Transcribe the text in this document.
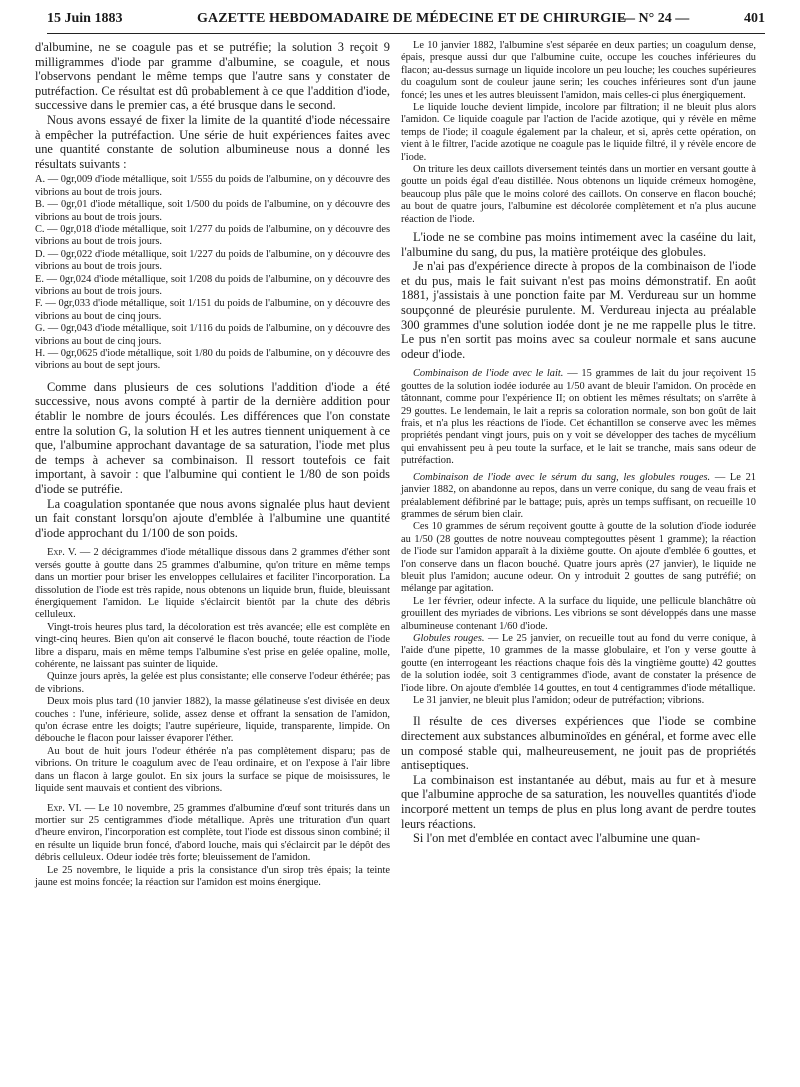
15 Juin 1883	GAZETTE HEBDOMADAIRE DE MÉDECINE ET DE CHIRURGIE
— N° 24 —	401

d'albumine, ne se coagule pas et se putréfie; la solution 3 reçoit 9 milligrammes d'iode par gramme d'albumine, se coagule, et nous l'observons pendant le même temps que l'autre sans y constater de putréfaction. Ce résultat est dû probablement à ce que l'addition d'iode, successive dans le premier cas, a été brusque dans le second.

Nous avons essayé de fixer la limite de la quantité d'iode nécessaire à empêcher la putréfaction. Une série de huit expériences faites avec une quantité constante de solution albumineuse nous a donné les résultats suivants :

A. — 0gr,009 d'iode métallique, soit 1/555 du poids de l'albumine, on y découvre des vibrions au bout de trois jours.

B. — 0gr,01 d'iode métallique, soit 1/500 du poids de l'albumine, on y découvre des vibrions au bout de trois jours.

C. — 0gr,018 d'iode métallique, soit 1/277 du poids de l'albumine, on y découvre des vibrions au bout de trois jours.

D. — 0gr,022 d'iode métallique, soit 1/227 du poids de l'albumine, on y découvre des vibrions au bout de trois jours.

E. — 0gr,024 d'iode métallique, soit 1/208 du poids de l'albumine, on y découvre des vibrions au bout de trois jours.

F. — 0gr,033 d'iode métallique, soit 1/151 du poids de l'albumine, on y découvre des vibrions au bout de cinq jours.

G. — 0gr,043 d'iode métallique, soit 1/116 du poids de l'albumine, on y découvre des vibrions au bout de cinq jours.

H. — 0gr,0625 d'iode métallique, soit 1/80 du poids de l'albumine, on y découvre des vibrions au bout de sept jours.

Comme dans plusieurs de ces solutions l'addition d'iode a été successive, nous avons compté à partir de la dernière addition pour établir le nombre de jours écoulés. Les différences que l'on constate entre la solution G, la solution H et les autres tiennent uniquement à ce que, l'albumine approchant davantage de sa saturation, l'iode met plus de temps à achever sa combinaison. Il ressort toutefois ce fait important, à savoir : que l'albumine qui contient le 1/80 de son poids d'iode se putréfie.

La coagulation spontanée que nous avons signalée plus haut devient un fait constant lorsqu'on ajoute d'emblée à l'albumine une quantité d'iode approchant du 1/100 de son poids.

Exp. V. — 2 décigrammes d'iode métallique dissous dans 2 grammes d'éther sont versés goutte à goutte dans 25 grammes d'albumine, qu'on triture en même temps dans un mortier pour briser les enveloppes cellulaires et faciliter l'incorporation. La dissolution de l'iode est très rapide, nous obtenons un liquide brun, fluide, bleuissant énergiquement l'amidon. Le liquide s'éclaircit bientôt par la chute des débris celluleux.

Vingt-trois heures plus tard, la décoloration est très avancée; elle est complète en vingt-cinq heures. Bien qu'on ait conservé le flacon bouché, toute réaction de l'iode libre a disparu, mais en même temps l'albumine s'est prise en gelée opaline, molle, cohérente, ne laissant pas suinter de liquide.

Quinze jours après, la gelée est plus consistante; elle conserve l'odeur éthérée; pas de vibrions.

Deux mois plus tard (10 janvier 1882), la masse gélatineuse s'est divisée en deux couches : l'une, inférieure, solide, assez dense et offrant la sensation de l'amidon, qu'on écrase entre les doigts; l'autre supérieure, liquide, transparente, limpide. On débouche le flacon pour laisser évaporer l'éther.

Au bout de huit jours l'odeur éthérée n'a pas complètement disparu; pas de vibrions. On triture le coagulum avec de l'eau ordinaire, et on l'expose à l'air libre dans un flacon à large goulot. En six jours la surface se pique de moisissures, le liquide sent mauvais et contient des vibrions.

Exp. VI. — Le 10 novembre, 25 grammes d'albumine d'œuf sont triturés dans un mortier sur 25 centigrammes d'iode métallique. Après une trituration d'un quart d'heure environ, l'incorporation est complète, tout l'iode est dissous sinon combiné; il en résulte un liquide brun foncé, d'abord louche, mais qui s'éclaircit par le dépôt des débris celluleux. Odeur iodée très forte; bleuissement de l'amidon.

Le 25 novembre, le liquide a pris la consistance d'un sirop très épais; la teinte jaune est moins foncée; la réaction sur l'amidon est moins énergique.

Le 10 janvier 1882, l'albumine s'est séparée en deux parties; un coagulum dense, épais, presque aussi dur que l'albumine cuite, occupe les couches inférieures du flacon; au-dessus surnage un liquide incolore un peu louche; les couches supérieures du coagulum sont de couleur jaune serin; les couches inférieures sont d'un jaune foncé; les unes et les autres bleuissent l'amidon, mais celles-ci plus énergiquement.

Le liquide louche devient limpide, incolore par filtration; il ne bleuit plus alors l'amidon. Ce liquide coagule par l'action de l'acide azotique, qui y révèle en même temps de l'iode; il coagule également par la chaleur, et si, après cette opération, on vient à le filtrer, l'acide azotique ne coagule pas le liquide filtré, il y révèle encore de l'iode.

On triture les deux caillots diversement teintés dans un mortier en versant goutte à goutte un poids égal d'eau distillée. Nous obtenons un liquide crémeux homogène, beaucoup plus pâle que le moins coloré des caillots. On conserve en flacon bouché; au bout de quatre jours, l'albumine est décolorée complètement et n'a plus aucune réaction de l'iode.

L'iode ne se combine pas moins intimement avec la caséine du lait, l'albumine du sang, du pus, la matière protéique des globules.

Je n'ai pas d'expérience directe à propos de la combinaison de l'iode et du pus, mais le fait suivant n'est pas moins démonstratif. En août 1881, j'assistais à une ponction faite par M. Verdureau sur un homme soupçonné de pleurésie purulente. M. Verdureau injecta au préalable 300 grammes d'une solution iodée dont je ne me rappelle plus le titre. Le pus n'en sortit pas moins avec sa couleur normale et sans aucune odeur d'iode.

Combinaison de l'iode avec le lait. — 15 grammes de lait du jour reçoivent 15 gouttes de la solution iodée iodurée au 1/50 avant de bleuir l'amidon. On procède en tâtonnant, comme pour l'expérience II; on obtient les mêmes résultats; on s'arrête à 29 gouttes. Le lendemain, le lait a repris sa coloration normale, son bon goût de lait frais, et n'a plus les réactions de l'iode. Cet échantillon se conserve avec les mêmes propriétés pendant vingt jours, puis on y voit se développer des taches de mycélium qui envahissent peu à peu toute la surface, et le lait se tranche, mais sans odeur de putréfaction.

Combinaison de l'iode avec le sérum du sang, les globules rouges. — Le 21 janvier 1882, on abandonne au repos, dans un verre conique, du sang de veau frais et préalablement défibriné par le battage; puis, après un temps suffisant, on recueille 10 grammes de sérum bien clair.

Ces 10 grammes de sérum reçoivent goutte à goutte de la solution d'iode iodurée au 1/50 (28 gouttes de notre nouveau comptegouttes pèsent 1 gramme); la réaction de l'iode sur l'amidon apparaît à la dixième goutte. On ajoute d'emblée 6 gouttes, et l'on conserve dans un flacon bouché. Quatre jours après (27 janvier), le liquide ne bleuit plus l'amidon; aucune odeur. On y introduit 2 gouttes de sang putréfié; on mélange par agitation.

Le 1er février, odeur infecte. A la surface du liquide, une pellicule blanchâtre où grouillent des myriades de vibrions. Les vibrions se sont développés dans une masse albumineuse contenant 1/60 d'iode.

Globules rouges. — Le 25 janvier, on recueille tout au fond du verre conique, à l'aide d'une pipette, 10 grammes de la masse globulaire, et l'on y verse goutte à goutte (en interrogeant les réactions chaque fois dès la vingtième goutte) 42 gouttes de la solution iodée, soit 3 centigrammes d'iode, avant de constater la présence de l'iode libre. On ajoute d'emblée 14 gouttes, en tout 4 centigrammes d'iode métallique.

Le 31 janvier, ne bleuit plus l'amidon; odeur de putréfaction; vibrions.

Il résulte de ces diverses expériences que l'iode se combine directement aux substances albuminoïdes en général, et forme avec elle un composé stable qui, malheureusement, ne jouit pas de propriétés antiseptiques.

La combinaison est instantanée au début, mais au fur et à mesure que l'albumine approche de sa saturation, les nouvelles quantités d'iode incorporé mettent un temps de plus en plus long avant de perdre toutes leurs réactions.

Si l'on met d'emblée en contact avec l'albumine une quan-
